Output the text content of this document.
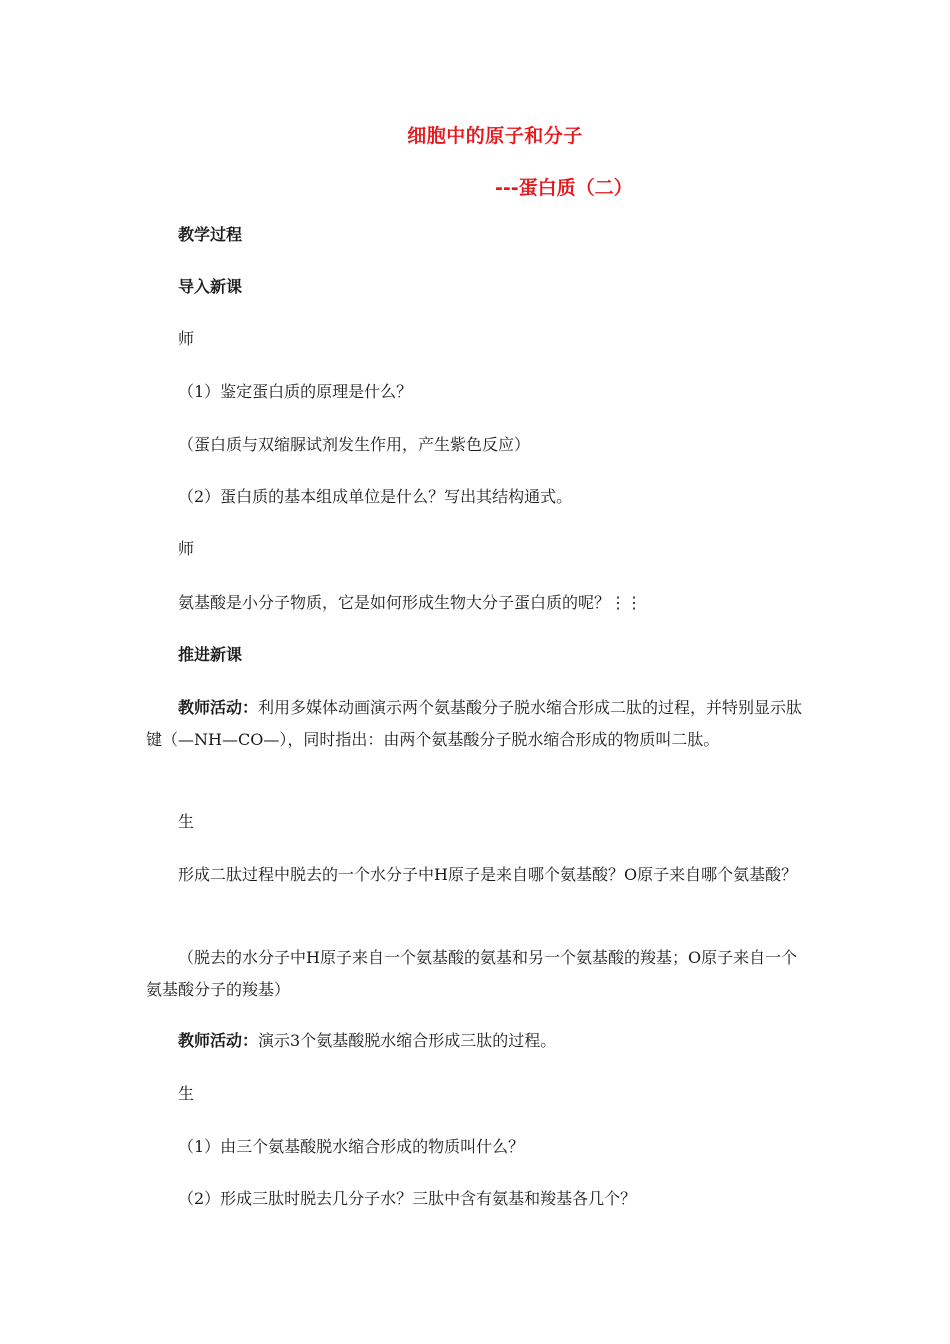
细胞中的原子和分子
---蛋白质（二）

教学过程

导入新课

师

（1）鉴定蛋白质的原理是什么？

（蛋白质与双缩脲试剂发生作用，产生紫色反应）

（2）蛋白质的基本组成单位是什么？写出其结构通式。

师

氨基酸是小分子物质，它是如何形成生物大分子蛋白质的呢？⋮⋮

推进新课

教师活动：利用多媒体动画演示两个氨基酸分子脱水缩合形成二肽的过程，并特别显示肽键（—NH—CO—），同时指出：由两个氨基酸分子脱水缩合形成的物质叫二肽。

生

形成二肽过程中脱去的一个水分子中H原子是来自哪个氨基酸？O原子来自哪个氨基酸？

（脱去的水分子中H原子来自一个氨基酸的氨基和另一个氨基酸的羧基；O原子来自一个氨基酸分子的羧基）

教师活动：演示3个氨基酸脱水缩合形成三肽的过程。

生

（1）由三个氨基酸脱水缩合形成的物质叫什么？

（2）形成三肽时脱去几分子水？三肽中含有氨基和羧基各几个？
